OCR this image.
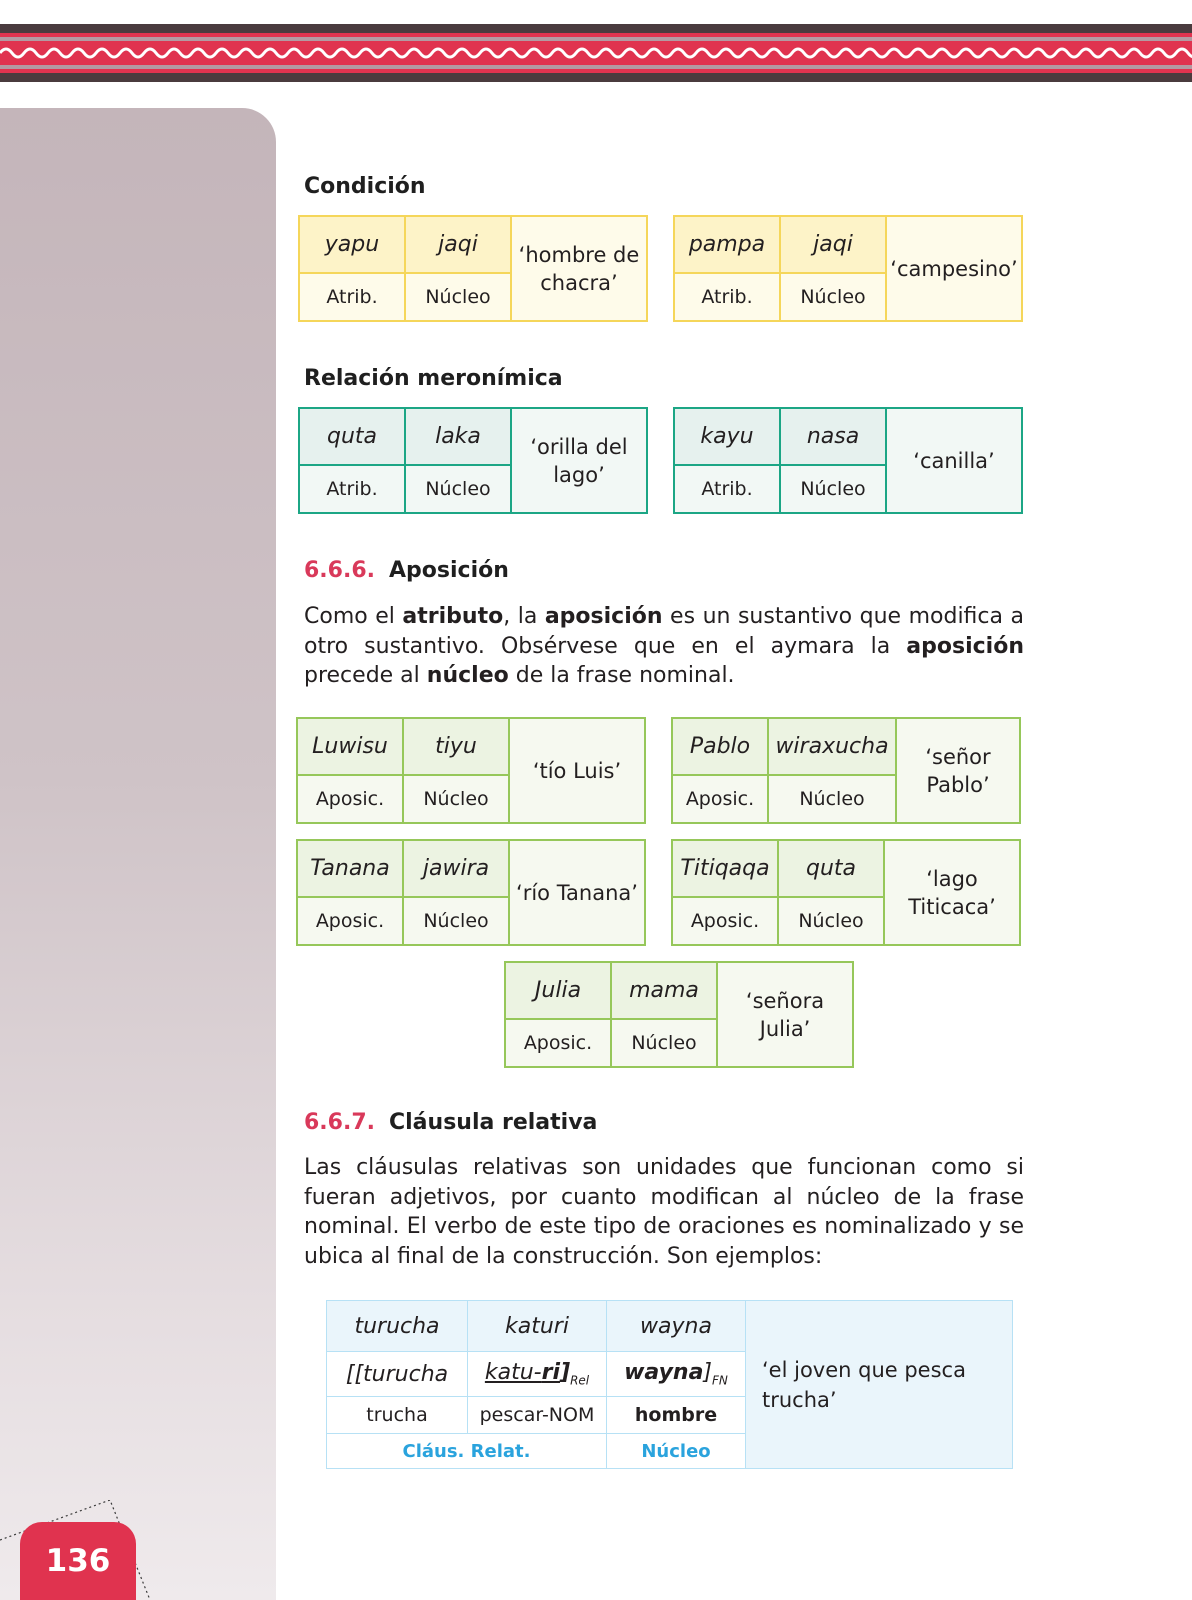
136
Condición
yapu	jaqi	‘hombre de chacra’
Atrib.	Núcleo	
pampa	jaqi	‘campesino’
Atrib.	Núcleo	
Relación meronímica
quta	laka	‘orilla del lago’
Atrib.	Núcleo	
kayu	nasa	‘canilla’
Atrib.	Núcleo	
6.6.6. Aposición

Como el atributo, la aposición es un sustantivo que modifica a otro sustantivo. Obsérvese que en el aymara la aposición precede al núcleo de la frase nominal.

Luwisu	tiyu	‘tío Luis’
Aposic.	Núcleo	
Pablo	wiraxucha	‘señor Pablo’
Aposic.	Núcleo	
Tanana	jawira	‘río Tanana’
Aposic.	Núcleo	
Titiqaqa	quta	‘lago Titicaca’
Aposic.	Núcleo	
Julia	mama	‘señora Julia’
Aposic.	Núcleo	
6.6.7. Cláusula relativa

Las cláusulas relativas son unidades que funcionan como si fueran adjetivos, por cuanto modifican al núcleo de la frase nominal. El verbo de este tipo de oraciones es nominalizado y se ubica al final de la construcción. Son ejemplos:

turucha	katuri	wayna	‘el joven que pesca trucha’
[[turucha	katu-$ri]_{Rel}$	$wayna]_{FN}$
trucha	pescar-NOM	hombre	
Cláus. Relat.		Núcleo	
